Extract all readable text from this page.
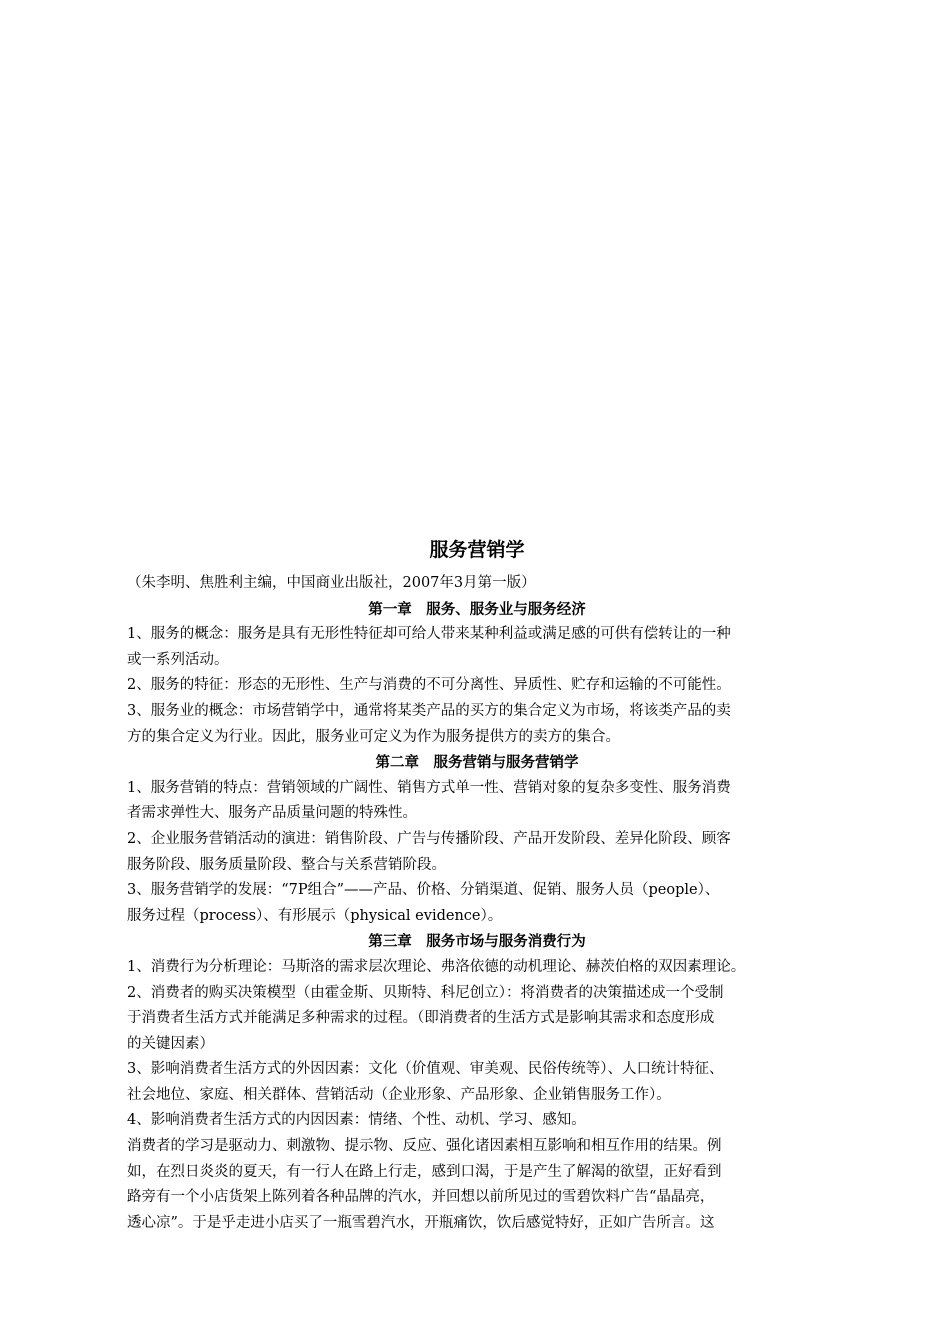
服务营销学

（朱李明、焦胜利主编，中国商业出版社，2007年3月第一版）

第一章　服务、服务业与服务经济

1、服务的概念：服务是具有无形性特征却可给人带来某种利益或满足感的可供有偿转让的一种

或一系列活动。

2、服务的特征：形态的无形性、生产与消费的不可分离性、异质性、贮存和运输的不可能性。

3、服务业的概念：市场营销学中，通常将某类产品的买方的集合定义为市场，将该类产品的卖

方的集合定义为行业。因此，服务业可定义为作为服务提供方的卖方的集合。

第二章　服务营销与服务营销学

1、服务营销的特点：营销领域的广阔性、销售方式单一性、营销对象的复杂多变性、服务消费

者需求弹性大、服务产品质量问题的特殊性。

2、企业服务营销活动的演进：销售阶段、广告与传播阶段、产品开发阶段、差异化阶段、顾客

服务阶段、服务质量阶段、整合与关系营销阶段。

3、服务营销学的发展：“7P组合”——产品、价格、分销渠道、促销、服务人员（people）、

服务过程（process）、有形展示（physical evidence）。

第三章　服务市场与服务消费行为

1、消费行为分析理论：马斯洛的需求层次理论、弗洛依德的动机理论、赫茨伯格的双因素理论。

2、消费者的购买决策模型（由霍金斯、贝斯特、科尼创立）：将消费者的决策描述成一个受制

于消费者生活方式并能满足多种需求的过程。（即消费者的生活方式是影响其需求和态度形成

的关键因素）

3、影响消费者生活方式的外因因素：文化（价值观、审美观、民俗传统等）、人口统计特征、

社会地位、家庭、相关群体、营销活动（企业形象、产品形象、企业销售服务工作）。

4、影响消费者生活方式的内因因素：情绪、个性、动机、学习、感知。

消费者的学习是驱动力、刺激物、提示物、反应、强化诸因素相互影响和相互作用的结果。例

如，在烈日炎炎的夏天，有一行人在路上行走，感到口渴，于是产生了解渴的欲望，正好看到

路旁有一个小店货架上陈列着各种品牌的汽水，并回想以前所见过的雪碧饮料广告“晶晶亮，

透心凉”。于是乎走进小店买了一瓶雪碧汽水，开瓶痛饮，饮后感觉特好，正如广告所言。这
